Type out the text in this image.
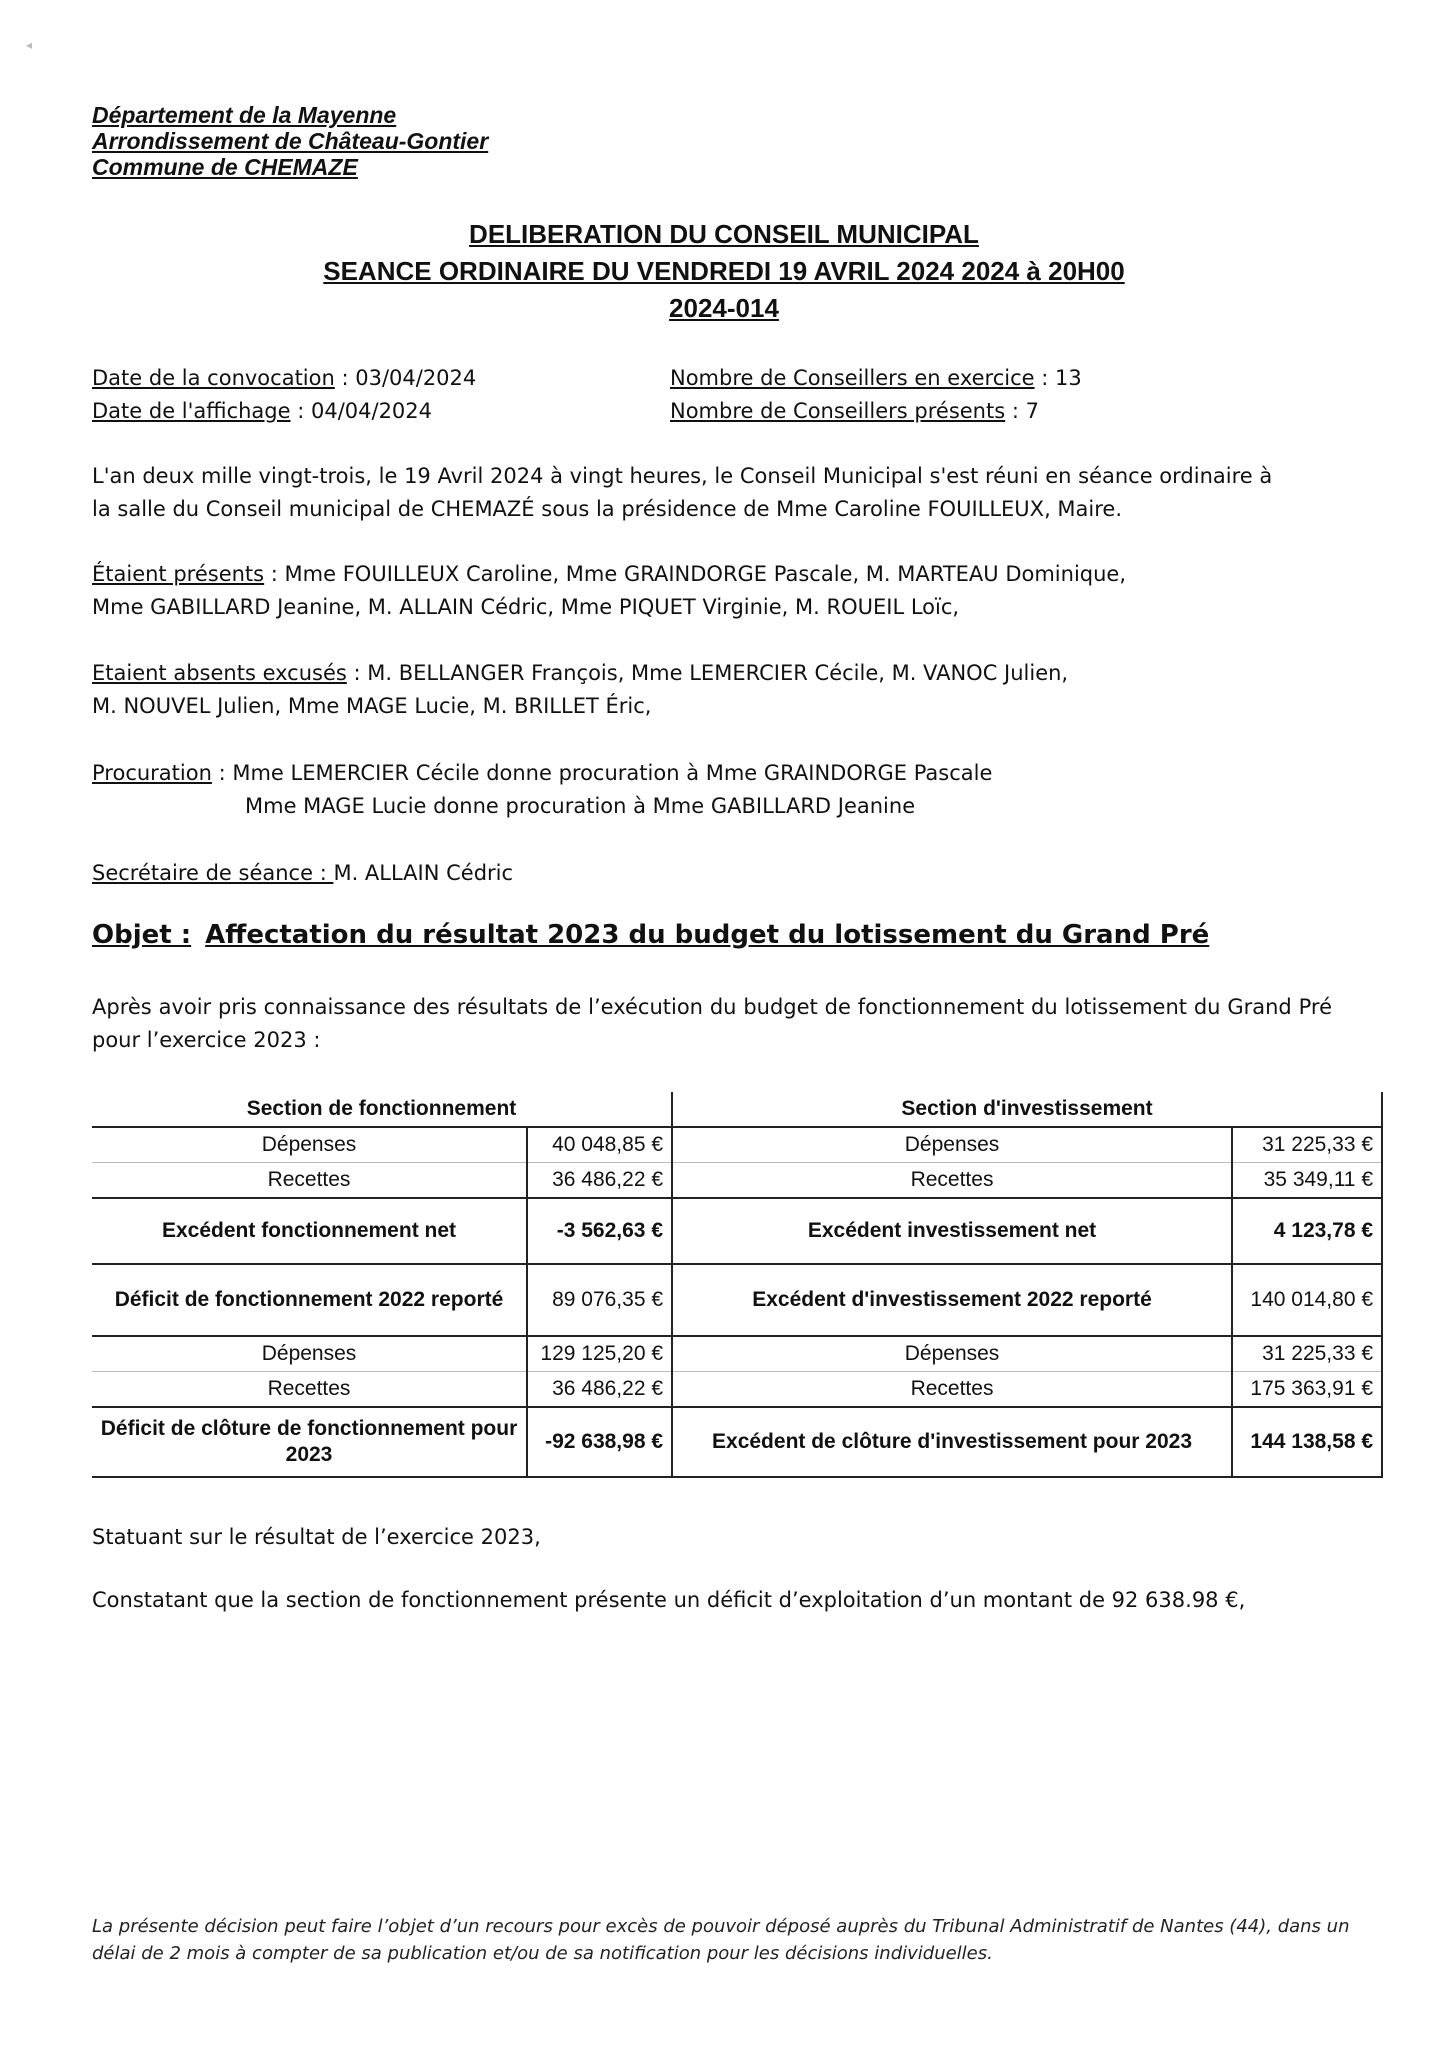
◂
Département de la Mayenne
Arrondissement de Château-Gontier
Commune de CHEMAZE
DELIBERATION DU CONSEIL MUNICIPAL
SEANCE ORDINAIRE DU VENDREDI 19 AVRIL 2024 2024 à 20H00
2024-014
Date de la convocation : 03/04/2024
Date de l'affichage : 04/04/2024
Nombre de Conseillers en exercice : 13
Nombre de Conseillers présents : 7
L'an deux mille vingt-trois, le 19 Avril 2024 à vingt heures, le Conseil Municipal s'est réuni en séance ordinaire à
la salle du Conseil municipal de CHEMAZÉ sous la présidence de Mme Caroline FOUILLEUX, Maire.
Étaient présents : Mme FOUILLEUX Caroline, Mme GRAINDORGE Pascale, M. MARTEAU Dominique,
Mme GABILLARD Jeanine, M. ALLAIN Cédric, Mme PIQUET Virginie, M. ROUEIL Loïc,
Etaient absents excusés : M. BELLANGER François, Mme LEMERCIER Cécile, M. VANOC Julien,
M. NOUVEL Julien, Mme MAGE Lucie, M. BRILLET Éric,
Procuration : Mme LEMERCIER Cécile donne procuration à Mme GRAINDORGE Pascale
Mme MAGE Lucie donne procuration à Mme GABILLARD Jeanine
Secrétaire de séance : M. ALLAIN Cédric
Objet : Affectation du résultat 2023 du budget du lotissement du Grand Pré
Après avoir pris connaissance des résultats de l’exécution du budget de fonctionnement du lotissement du Grand Pré pour l’exercice 2023 :
Section de fonctionnement		Section d'investissement	
Dépenses	40 048,85 €	Dépenses	31 225,33 €
Recettes	36 486,22 €	Recettes	35 349,11 €
Excédent fonctionnement net	-3 562,63 €	Excédent investissement net	4 123,78 €
Déficit de fonctionnement 2022 reporté	89 076,35 €	Excédent d'investissement 2022 reporté	140 014,80 €
Dépenses	129 125,20 €	Dépenses	31 225,33 €
Recettes	36 486,22 €	Recettes	175 363,91 €
Déficit de clôture de fonctionnement pour 2023	-92 638,98 €	Excédent de clôture d'investissement pour 2023	144 138,58 €
Statuant sur le résultat de l’exercice 2023,
Constatant que la section de fonctionnement présente un déficit d’exploitation d’un montant de 92 638.98 €,
La présente décision peut faire l’objet d’un recours pour excès de pouvoir déposé auprès du Tribunal Administratif de Nantes (44), dans un délai de 2 mois à compter de sa publication et/ou de sa notification pour les décisions individuelles.
